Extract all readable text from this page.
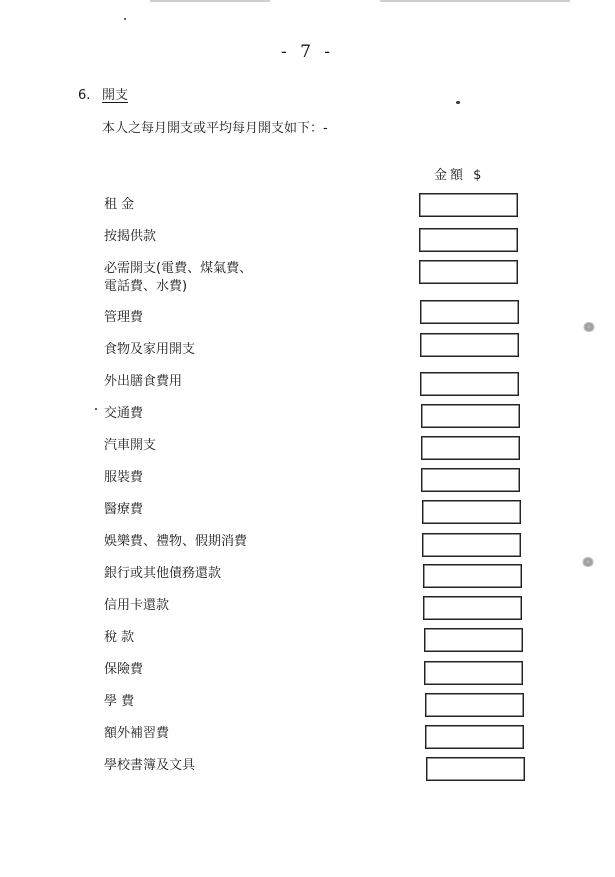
- 7 -
6. 開支
本人之每月開支或平均每月開支如下：-
金額 $
租 金
按揭供款
必需開支(電費、煤氣費、
電話費、水費)
管理費
食物及家用開支
外出膳食費用
交通費
汽車開支
服裝費
醫療費
娛樂費、禮物、假期消費
銀行或其他債務還款
信用卡還款
稅 款
保險費
學 費
額外補習費
學校書簿及文具
